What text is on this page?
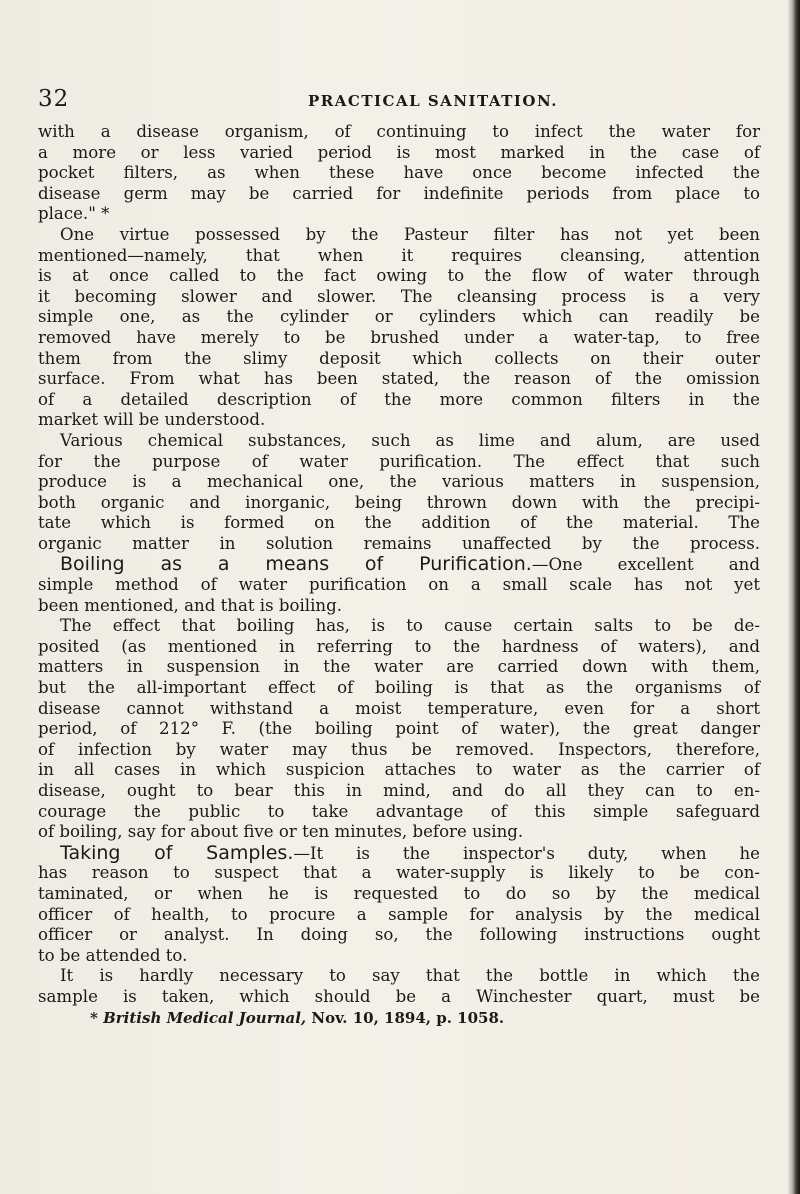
32	PRACTICAL SANITATION.
with a disease organism, of continuing to infect the water for
a more or less varied period is most marked in the case of
pocket filters, as when these have once become infected the
disease germ may be carried for indefinite periods from place to
place." *
One virtue possessed by the Pasteur filter has not yet been
mentioned—namely, that when it requires cleansing, attention
is at once called to the fact owing to the flow of water through
it becoming slower and slower. The cleansing process is a very
simple one, as the cylinder or cylinders which can readily be
removed have merely to be brushed under a water-tap, to free
them from the slimy deposit which collects on their outer
surface. From what has been stated, the reason of the omission
of a detailed description of the more common filters in the
market will be understood.
Various chemical substances, such as lime and alum, are used
for the purpose of water purification. The effect that such
produce is a mechanical one, the various matters in suspension,
both organic and inorganic, being thrown down with the precipi-
tate which is formed on the addition of the material. The
organic matter in solution remains unaffected by the process.
Boiling as a means of Purification.—One excellent and
simple method of water purification on a small scale has not yet
been mentioned, and that is boiling.
The effect that boiling has, is to cause certain salts to be de-
posited (as mentioned in referring to the hardness of waters), and
matters in suspension in the water are carried down with them,
but the all-important effect of boiling is that as the organisms of
disease cannot withstand a moist temperature, even for a short
period, of 212° F. (the boiling point of water), the great danger
of infection by water may thus be removed. Inspectors, therefore,
in all cases in which suspicion attaches to water as the carrier of
disease, ought to bear this in mind, and do all they can to en-
courage the public to take advantage of this simple safeguard
of boiling, say for about five or ten minutes, before using.
Taking of Samples.—It is the inspector's duty, when he
has reason to suspect that a water-supply is likely to be con-
taminated, or when he is requested to do so by the medical
officer of health, to procure a sample for analysis by the medical
officer or analyst. In doing so, the following instructions ought
to be attended to.
It is hardly necessary to say that the bottle in which the
sample is taken, which should be a Winchester quart, must be
* British Medical Journal, Nov. 10, 1894, p. 1058.
